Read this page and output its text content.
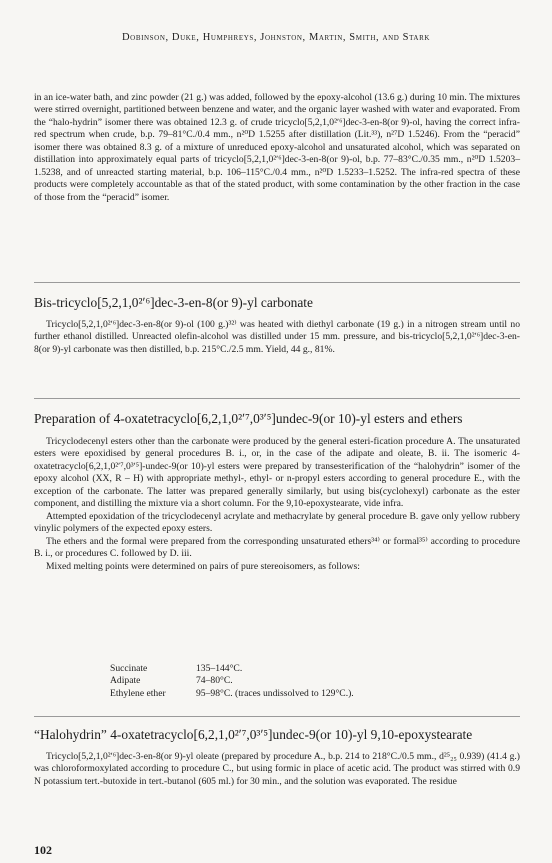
Dobinson, Duke, Humphreys, Johnston, Martin, Smith, and Stark

in an ice-water bath, and zinc powder (21 g.) was added, followed by the epoxy-alcohol (13.6 g.) during 10 min. The mixtures were stirred overnight, partitioned between benzene and water, and the organic layer washed with water and evaporated. From the “halo-hydrin” isomer there was obtained 12.3 g. of crude tricyclo[5,2,1,0²ʹ⁶]dec-3-en-8(or 9)-ol, having the correct infra-red spectrum when crude, b.p. 79–81°C./0.4 mm., n²⁰D 1.5255 after distillation (Lit.³³), n²⁷D 1.5246). From the “peracid” isomer there was obtained 8.3 g. of a mixture of unreduced epoxy-alcohol and unsaturated alcohol, which was separated on distillation into approximately equal parts of tricyclo[5,2,1,0²ʹ⁶]dec-3-en-8(or 9)-ol, b.p. 77–83°C./0.35 mm., n²⁰D 1.5203–1.5238, and of unreacted starting material, b.p. 106–115°C./0.4 mm., n²⁰D 1.5233–1.5252. The infra-red spectra of these products were completely accountable as that of the stated product, with some contamination by the other fraction in the case of those from the “peracid” isomer.

Bis-tricyclo[5,2,1,0²ʹ⁶]dec-3-en-8(or 9)-yl carbonate

Tricyclo[5,2,1,0²ʹ⁶]dec-3-en-8(or 9)-ol (100 g.)³²⁾ was heated with diethyl carbonate (19 g.) in a nitrogen stream until no further ethanol distilled. Unreacted olefin-alcohol was distilled under 15 mm. pressure, and bis-tricyclo[5,2,1,0²ʹ⁶]dec-3-en-8(or 9)-yl carbonate was then distilled, b.p. 215°C./2.5 mm. Yield, 44 g., 81%.

Preparation of 4-oxatetracyclo[6,2,1,0²ʹ⁷,0³ʹ⁵]undec-9(or 10)-yl esters and ethers

Tricyclodecenyl esters other than the carbonate were produced by the general esteri-fication procedure A. The unsaturated esters were epoxidised by general procedures B. i., or, in the case of the adipate and oleate, B. ii. The isomeric 4-oxatetracyclo[6,2,1,0²ʹ⁷,0³ʹ⁵]-undec-9(or 10)-yl esters were prepared by transesterification of the “halohydrin” isomer of the epoxy alcohol (XX, R – H) with appropriate methyl-, ethyl- or n-propyl esters according to general procedure E., with the exception of the carbonate. The latter was prepared generally similarly, but using bis(cyclohexyl) carbonate as the ester component, and distilling the mixture via a short column. For the 9,10-epoxystearate, vide infra.

Attempted epoxidation of the tricyclodecenyl acrylate and methacrylate by general procedure B. gave only yellow rubbery vinylic polymers of the expected epoxy esters.

The ethers and the formal were prepared from the corresponding unsaturated ethers³⁴⁾ or formal³⁵⁾ according to procedure B. i., or procedures C. followed by D. iii.

Mixed melting points were determined on pairs of pure stereoisomers, as follows:

Succinate	135–144°C.
Adipate	74–80°C.
Ethylene ether	95–98°C. (traces undissolved to 129°C.).
“Halohydrin” 4-oxatetracyclo[6,2,1,0²ʹ⁷,0³ʹ⁵]undec-9(or 10)-yl 9,10-epoxystearate

Tricyclo[5,2,1,0²ʹ⁶]dec-3-en-8(or 9)-yl oleate (prepared by procedure A., b.p. 214 to 218°C./0.5 mm., d²⁵₂₅ 0.939) (41.4 g.) was chloroformoxylated according to procedure C., but using formic in place of acetic acid. The product was stirred with 0.9 N potassium tert.-butoxide in tert.-butanol (605 ml.) for 30 min., and the solution was evaporated. The residue

102
